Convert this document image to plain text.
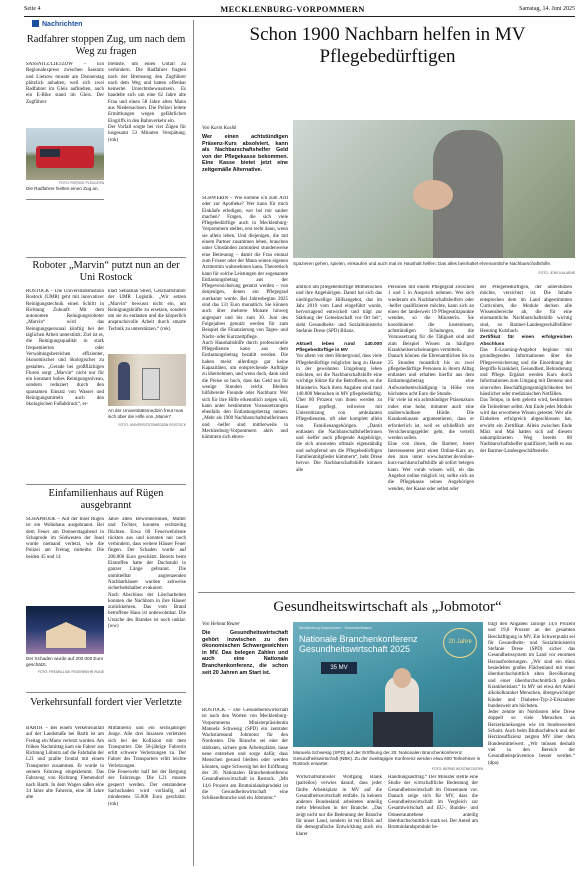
Seite 4	MECKLENBURG-VORPOMMERN	Samstag, 14. Juni 2025
Nachrichten
Radfahrer stoppen Zug, um nach dem Weg zu fragen
SASSNITZ/LIETZOW – Ein Regionalexpress zwischen Sassnitz und Lietzow musste am Donnerstag plötzlich anhalten, weil sich zwei Radfahrer im Gleis aufhielten, auch ein E-Bike stand im Gleis. Der Zugführer
bremste, um einen Unfall zu verhindern. Die Radfahrer fragten nach der Bremsung den Zugführer nach dem Weg und hatten offenbar keinerlei Unrechtsbewusstsein. Es handelte sich um eine 62 Jahre alte Frau und einen 58 Jahre alten Mann aus Niedersachsen. Die Polizei leitete Ermittlungen wegen gefährlichen Eingriffs in den Bahnverkehr ein.
Der Vorfall sorgte bei vier Zügen für insgesamt 53 Minuten Verspätung. (rok)
FOTO: PATRICK PLEUL/DPA
Die Radfahrer hielten einen Zug an.
Roboter „Marvin“ putzt nun an der Uni Rostock
ROSTOCK – Die Universitätsmedizin Rostock (UMR) geht mit innovativer Reinigungstechnik einen Schritt in Richtung Zukunft: Mit dem autonomen Reinigungsroboter „Marvin“ wird das Reinigungspersonal künftig bei der täglichen Arbeit unterstützt. Ziel ist es, die Reinigungsqualität in stark frequentierten oder Verwaltungsbereichen effizienter, ökonomischer und ökologischer zu gestalten. „Gerade bei großflächigen Fluren sorgt „Marvin“ nicht nur für ein konstant hohes Reinigungsniveau, sondern reduziert durch den sparsamen Einsatz von Wasser und Reinigungsmitteln auch den ökologischen Fußabdruck“, er-
klärt Sebastian Streit, Geschäftsführer der UMR Logistik. „Wir setzen „Marvin“ bewusst nicht ein, um Reinigungskräfte zu ersetzen, sondern um sie zu entlasten und die körperlich anspruchsvolle Arbeit durch smarte Technik zu unterstützen.“ (rok)
An der Universitätsmedizin freut man sich über die Hilfe von „Marvin“.
FOTO: UNIVERSITÄTSMEDIZIN ROSTOCK
Einfamilienhaus auf Rügen ausgebrannt
SCHAPRODE – Auf der Insel Rügen ist ein Wohnhaus ausgebrannt. Bei dem Feuer am Donnerstagabend in Schaprode im Südwesten der Insel wurde niemand verletzt, wie die Polizei am Freitag mitteilte. Die beiden 45 und 14
Jahre alten Bewohnerinnen, Mutter und Tochter, konnten rechtzeitig flüchten. Etwa 60 Feuerwehrleute rückten aus und konnten nur noch verhindern, dass weitere Häuser Feuer fingen. Der Schaden wurde auf 200.000 Euro geschätzt. Bereits beim Eintreffen hatte der Dachstuhl in ganzer Länge gebrannt. Die unmittelbar angrenzenden Nachbarhäuser wurden zeitweise sicherheitshalber evakuiert.
Nach Abschluss der Löscharbeiten konnten die Nachbarn in ihre Häuser zurückkehren. Das vom Brand betroffene Haus ist unbewohnbar. Die Ursache des Brandes ist noch unklar. (ww)
Der Schaden wurde auf 200.000 Euro geschätzt.
FOTO: FREIWILLIGE FEUERWEHR RUGE
Verkehrsunfall fordert vier Verletzte
BARTH – Bei einem Verkehrsunfall auf der Landstraße bei Barth ist am Freitag ein Mann verletzt worden. Am frühen Nachmittag kam ein Fahrer aus Richtung Löbnitz auf die Fahrbahn der L21 und prallte frontal mit einem Transporter zusammen. Er wurde in seinem Fahrzeug eingeklemmt. Das Fahrzeug von Richtung Flemendorf nach Barth. In dem Wagen saßen eine 34 Jahre alte Fahrerin, eine 38 Jahre alte
Mitfahrerin und ein sechsjähriger Junge. Alle drei Insassen verletzten sich bei der Kollision mit dem Transporter. Die 58-jährige Fahrerin erlitt schwere Verletzungen zu. Der Fahrer des Transporters erlitt leichte Verletzungen.
Die Feuerwehr half bei der Bergung der Fahrzeuge. Die L21 musste gesperrt werden. Der entstandene Sachschaden wird vorläufig auf mindestens 55.000 Euro geschätzt. (rok)
Schon 1900 Nachbarn helfen in MV Pflegebedürftigen
Von Karin Koslik
Wer einen achtstündigen Präsenz-Kurs absolviert, kann als Nachbarschaftshelfer Geld von der Pflegekasse bekommen. Eine Kasse bietet jetzt eine zeitgemäße Alternative.
Spazieren gehen, spielen, einkaufen und auch mal im Haushalt helfen: Das alles beinhaltet ehrenamtliche Nachbarschaftshilfe.
FOTO: JENS KALAENE
SCHWERIN – Wie komme ich zum Arzt oder zur Apotheke? Wer kann für mich Einkäufe erledigen, wer bei mir sauber machen? Fragen, die sich viele Pflegebedürftige auch in Mecklenburg-Vorpommern stellen, erst recht dann, wenn sie allein leben. Und diejenigen, die mit einem Partner zusammen leben, brauchen unter Umständen zumindest stundenweise eine Betreuung – damit die Frau einmal zum Friseur oder der Mann seinen eigenen Arzttermin wahrnehmen kann. Theoretisch kann für solche Leistungen der sogenannte Entlastungsbetrag aus der Pflegeversicherung genutzt werden – von denjenigen, denen ein Pflegegrad zuerkannt wurde. Bei Jahresbeginn 2025 sind das 131 Euro monatlich. Sie können auch über mehrere Monate hinweg angespart und bis zum 30. Juni des Folgejahres genutzt werden für zum Beispiel die Finanzierung von Tages- und Nacht- oder Kurzzeitpflege.
Auch Haushaltshilfe durch professionelle Pflegedienste kann aus dem Entlastungsbetrag bezahlt werden. Die haben meist allerdings gar keine Kapazitäten, um entsprechende Aufträge zu übernehmen, und wenn doch, dann sind die Preise so hoch, dass das Geld nur für wenige Stunden reicht. Bleiben hilfsbereite Freunde oder Nachbarn: Wer sich für ihre Hilfe erkenntlich zeigen will, kann unter bestimmten Voraussetzungen ebenfalls den Entlastungsbetrag nutzen. „Mehr als 1900 Nachbarschaftshelferinnen und -helfer sind mittlerweile in Mecklenburg-Vorpommern aktiv und kümmern sich ehren-
amtlich um pflegebedürftige Mitmenschen und ihre Angehörigen. Damit hat sich das niedrigschwellige Hilfsangebot, das im Jahr 2019 vom Land eingeführt wurde, hervorragend entwickelt und trägt zur Stärkung der Gemeinschaft vor Ort bei“, sieht Gesundheits- und Sozialministerin Stefanie Drese (SPD) Bilanz.

Aktuell leben rund 140.000 Pflegebedürftige in MV
Vor allem vor dem Hintergrund, dass viele Pflegebedürftige möglichst lang zu Hause in der gewohnten Umgebung leben möchten, sei die Nachbarschaftshilfe eine wichtige Stütze für die Betroffenen, so die Ministerin. Nach ihren Angaben sind rund 140.000 Menschen in MV pflegebedürftig. Über 80 Prozent von ihnen werden zu Hause gepflegt, teilweise mit Unterstützung von ambulanten Pflegediensten, oft aber komplett allein von Familienangehörigen. „Damit entlasten die Nachbarschaftshelferinnen und -helfer auch pflegende Angehörige, die sich ansonsten oftmals eigenständig und aufopfernd um die Pflegebedürftigen Familienmitglieder kümmern“, hebt Drese hervor. Die Nachbarschaftshilfe können alle
Personen mit einem Pflegegrad zwischen 1 und 5 in Anspruch nehmen. Wer sich wiederum als Nachbarschaftshelfern oder -helfer qualifizieren möchte, kann sich an einen der landesweit 19 Pflegestützpunkte wenden, so die Ministerin. Sie koordinieren die kostenlosen, achtstündigen Schulungen, die Voraussetzung für die Tätigkeit sind und zum Beispiel Wissen zu häufigen Krankheitserscheinungen vermitteln.
Danach können die Ehrenamtlichen bis zu 25 Stunden monatlich bis zu zwei pflegebedürftige Personen in ihrem Alltag entlasten und erhalten hierfür aus dem Entlastungsbetrag eine Aufwandsentschädigung in Höhe von höchstens acht Euro die Stunde.
Für viele ist ein achtstündiger Präsenzkurs indes eine hohe, mitunter auch eine unüberwindbare Hürde. Die Krankenkassen argumentieren, dass er erforderlich ist, weil es schließlich um Versicherungsgelder geht, die verteilt werden sollen.
Eine von ihnen, die Barmer, bietet Interessenten jetzt einen Online-Kurs an, den man unter www.barmer.de/online-kurs-nachbarschaftshilfe ab sofort belegen kann. Wer vorab wissen will, ob das Angebot online möglich ist, sollte sich an die Pflegekasse seines Angehörigen wenden, der Kasse oder selbst oder
der Pflegebedürftigen, der unterstützen möchte, versichert ist. Die Inhalte entsprechen dem im Land abgestimmten Curriculum, die Module decken alle Wissensbereiche ab, die für eine ehrenamtliche Nachbarschaftshilfe wichtig sind, so Barmer-Landesgeschäftsführer Henning Kutzbach.
Zertifikat für einen erfolgreichen Abschluss
Das E-Learning-Angebot beginne mit grundlegenden Informationen über die Pflegeversicherung und die Einordnung der Begriffe Krankheit, Gesundheit, Behinderung und Pflege. Ergänzt werden Kurs durch Informationen zum Umgang mit Demenz und sinnvollen Beschäftigungsmöglichkeiten bei häuslicher oder medizinischen Notfällen.
Das Tempo, in dem gelernt wird, bestimmen die Teilnehmer selbst. Am Ende jedes Moduls wird das erworbene Wissen getestet. Wer alle Einheiten erfolgreich abgeschlossen hat, erwirbt ein Zertifikat. Allein zwischen Ende März und Mai hatten sich auf diesem unkomplizierten Weg bereits 80 Nachbarschaftshelfer qualifiziert, heißt es aus der Barmer-Landesgeschäftsstelle.
Gesundheitswirtschaft als „Jobmotor“
Von Helmut Reuter
Die Gesundheitswirtschaft gehört inzwischen zu den ökonomischen Schwergewichten in MV. Das belegen Zahlen und auch eine Nationale Branchenkonferenz, die schon seit 20 Jahren am Start ist.
ROSTOCK – Die Gesundheitswirtschaft ist nach den Worten von Mecklenburg-Vorpommerns Ministerpräsidentin Manuela Schwesig (SPD) ein zentraler Wachstumsund Jobmotor für den Nordosten. Die Branche sei eine der stärksten, sichere gute Arbeitsplätze, lasse neue entstehen und sorge dafür, dass Menschen gesund bleiben oder werden könnten, sagte Schwesig bei der Eröffnung der 20. Nationalen Branchenkonferenz Gesundheitswirtschaft in Rostock. „Mit 14,6 Prozent am Bruttoinlandsprodukt ist die Gesundheitswirtschaft eine Schlüsselbranche und ein Jobmotor.“
Mecklenburg-Vorpommern · Gesundheitsland
Nationale Branchenkonferenz Gesundheitswirtschaft 2025
20 Jahre
35 MV
Manuela Schwesig (SPD) auf der Eröffnung der 20. Nationalen Branchenkonferenz Gesundheitswirtschaft (NBK). Zu der zweitägigen Konferenz werden etwa 600 Teilnehmer in Rostock erwartet.
FOTO: BERND WÜSTNECK/DPA
Wirtschaftsminister Wolfgang Blank (parteilos) verwies darauf, dass jeder fünfte Arbeitsplatz in MV auf die Gesundheitswirtschaft entfalle. In keinem anderen Bundesland arbeiteten anteilig mehr Menschen in der Branche. „Das zeigt nicht nur die Bedeutung der Branche für unser Land, sondern ist mit Blick auf die demografische Entwicklung auch ein klarer
Handlungsauftrag.“ Der Minister stellte eine Studie der wirtschaftliche Bedeutung der Gesundheitswirtschaft im Ostseeraum vor. Danach zeige sich für MV, dass die Gesundheitswirtschaft im Vergleich zur Gesamtwirtschaft auf EU-, Bundes- und Ostseeraumebene anteilig überdurchschnittlich stark sei. Der Anteil am Bruttoinlandsprodukt be-
trägt den Angaben zufolge 14,6 Prozent und 19,8 Prozent an der gesamten Beschäftigung in MV. Ein Schwerpunkt sei für Gesundheits- und Sozialministerin Stefanie Drese (SPD) sicher das Gesundheitssystem im Land vor enormen Herausforderungen. „Wir sind ein dünn besiedeltes großes Flächenland mit einer überdurchschnittlich alten Bevölkerung und einer überdurchschnittlich großen Krankheitslast.“ In MV sei etwa der Anteil alkoholkranker Menschen, übergewichtiger Kinder und Diabetes-Typ-2-Erkrankter bundesweit am höchsten.
Jeder zehnte im Nordosten lebe Drese doppelt so viele Menschen an Herzerkrankungen wie im bundesweiten Schnitt. Auch beim Bluthochdruck und der Herzinsuffizienz zeigten MV über dem Bundesmittelwert. „Wir müssen deshalb viel in den Bereich der Gesundheitsprävention besser werden.“ (dpa)
